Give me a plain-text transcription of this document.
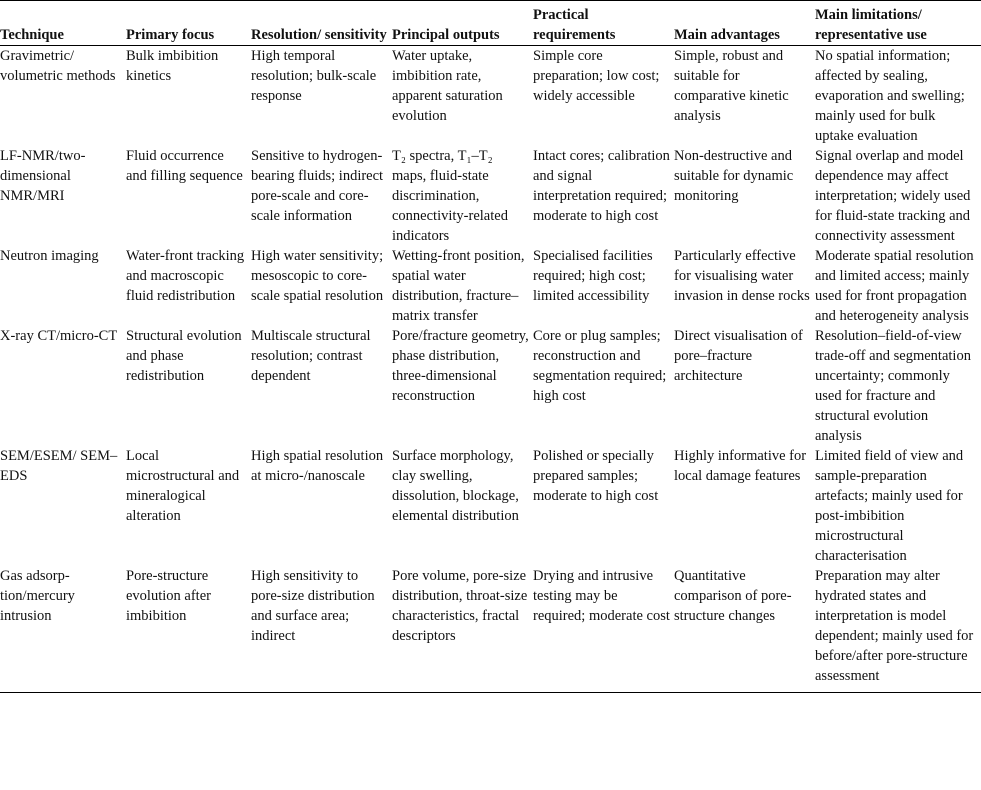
Technique	Primary focus	Resolution/ sensitivity	Principal outputs	Practical requirements	Main advantages	Main limitations/ representative use

Gravimetric/ volumetric methods	Bulk imbibition kinetics	High temporal resolution; bulk-scale response	Water uptake, imbibition rate, apparent saturation evolution	Simple core preparation; low cost; widely accessible	Simple, robust and suitable for comparative kinetic analysis	No spatial information; affected by sealing, evaporation and swelling; mainly used for bulk uptake evaluation

LF-NMR/two-dimensional NMR/MRI	Fluid occurrence and filling sequence	Sensitive to hydrogen-bearing fluids; indirect pore-scale and core-scale information	T₂ spectra, T₁–T₂ maps, fluid-state discrimination, connectivity-related indicators	Intact cores; calibration and signal interpretation required; moderate to high cost	Non-destructive and suitable for dynamic monitoring	Signal overlap and model dependence may affect interpretation; widely used for fluid-state tracking and connectivity assessment

Neutron imaging	Water-front tracking and macroscopic fluid redistribution	High water sensitivity; mesoscopic to core-scale spatial resolution	Wetting-front position, spatial water distribution, fracture–matrix transfer	Specialised facilities required; high cost; limited accessibility	Particularly effective for visualising water invasion in dense rocks	Moderate spatial resolution and limited access; mainly used for front propagation and heterogeneity analysis

X-ray CT/micro-CT	Structural evolution and phase redistribution	Multiscale structural resolution; contrast dependent	Pore/fracture geometry, phase distribution, three-dimensional reconstruction	Core or plug samples; reconstruction and segmentation required; high cost	Direct visualisation of pore–fracture architecture	Resolution–field-of-view trade-off and segmentation uncertainty; commonly used for fracture and structural evolution analysis

SEM/ESEM/ SEM–EDS	Local microstructural and mineralogical alteration	High spatial resolution at micro-/nanoscale	Surface morphology, clay swelling, dissolution, blockage, elemental distribution	Polished or specially prepared samples; moderate to high cost	Highly informative for local damage features	Limited field of view and sample-preparation artefacts; mainly used for post-imbibition microstructural characterisation

Gas adsorp-tion/mercury intrusion	Pore-structure evolution after imbibition	High sensitivity to pore-size distribution and surface area; indirect	Pore volume, pore-size distribution, throat-size characteristics, fractal descriptors	Drying and intrusive testing may be required; moderate cost	Quantitative comparison of pore-structure changes	Preparation may alter hydrated states and interpretation is model dependent; mainly used for before/after pore-structure assessment
